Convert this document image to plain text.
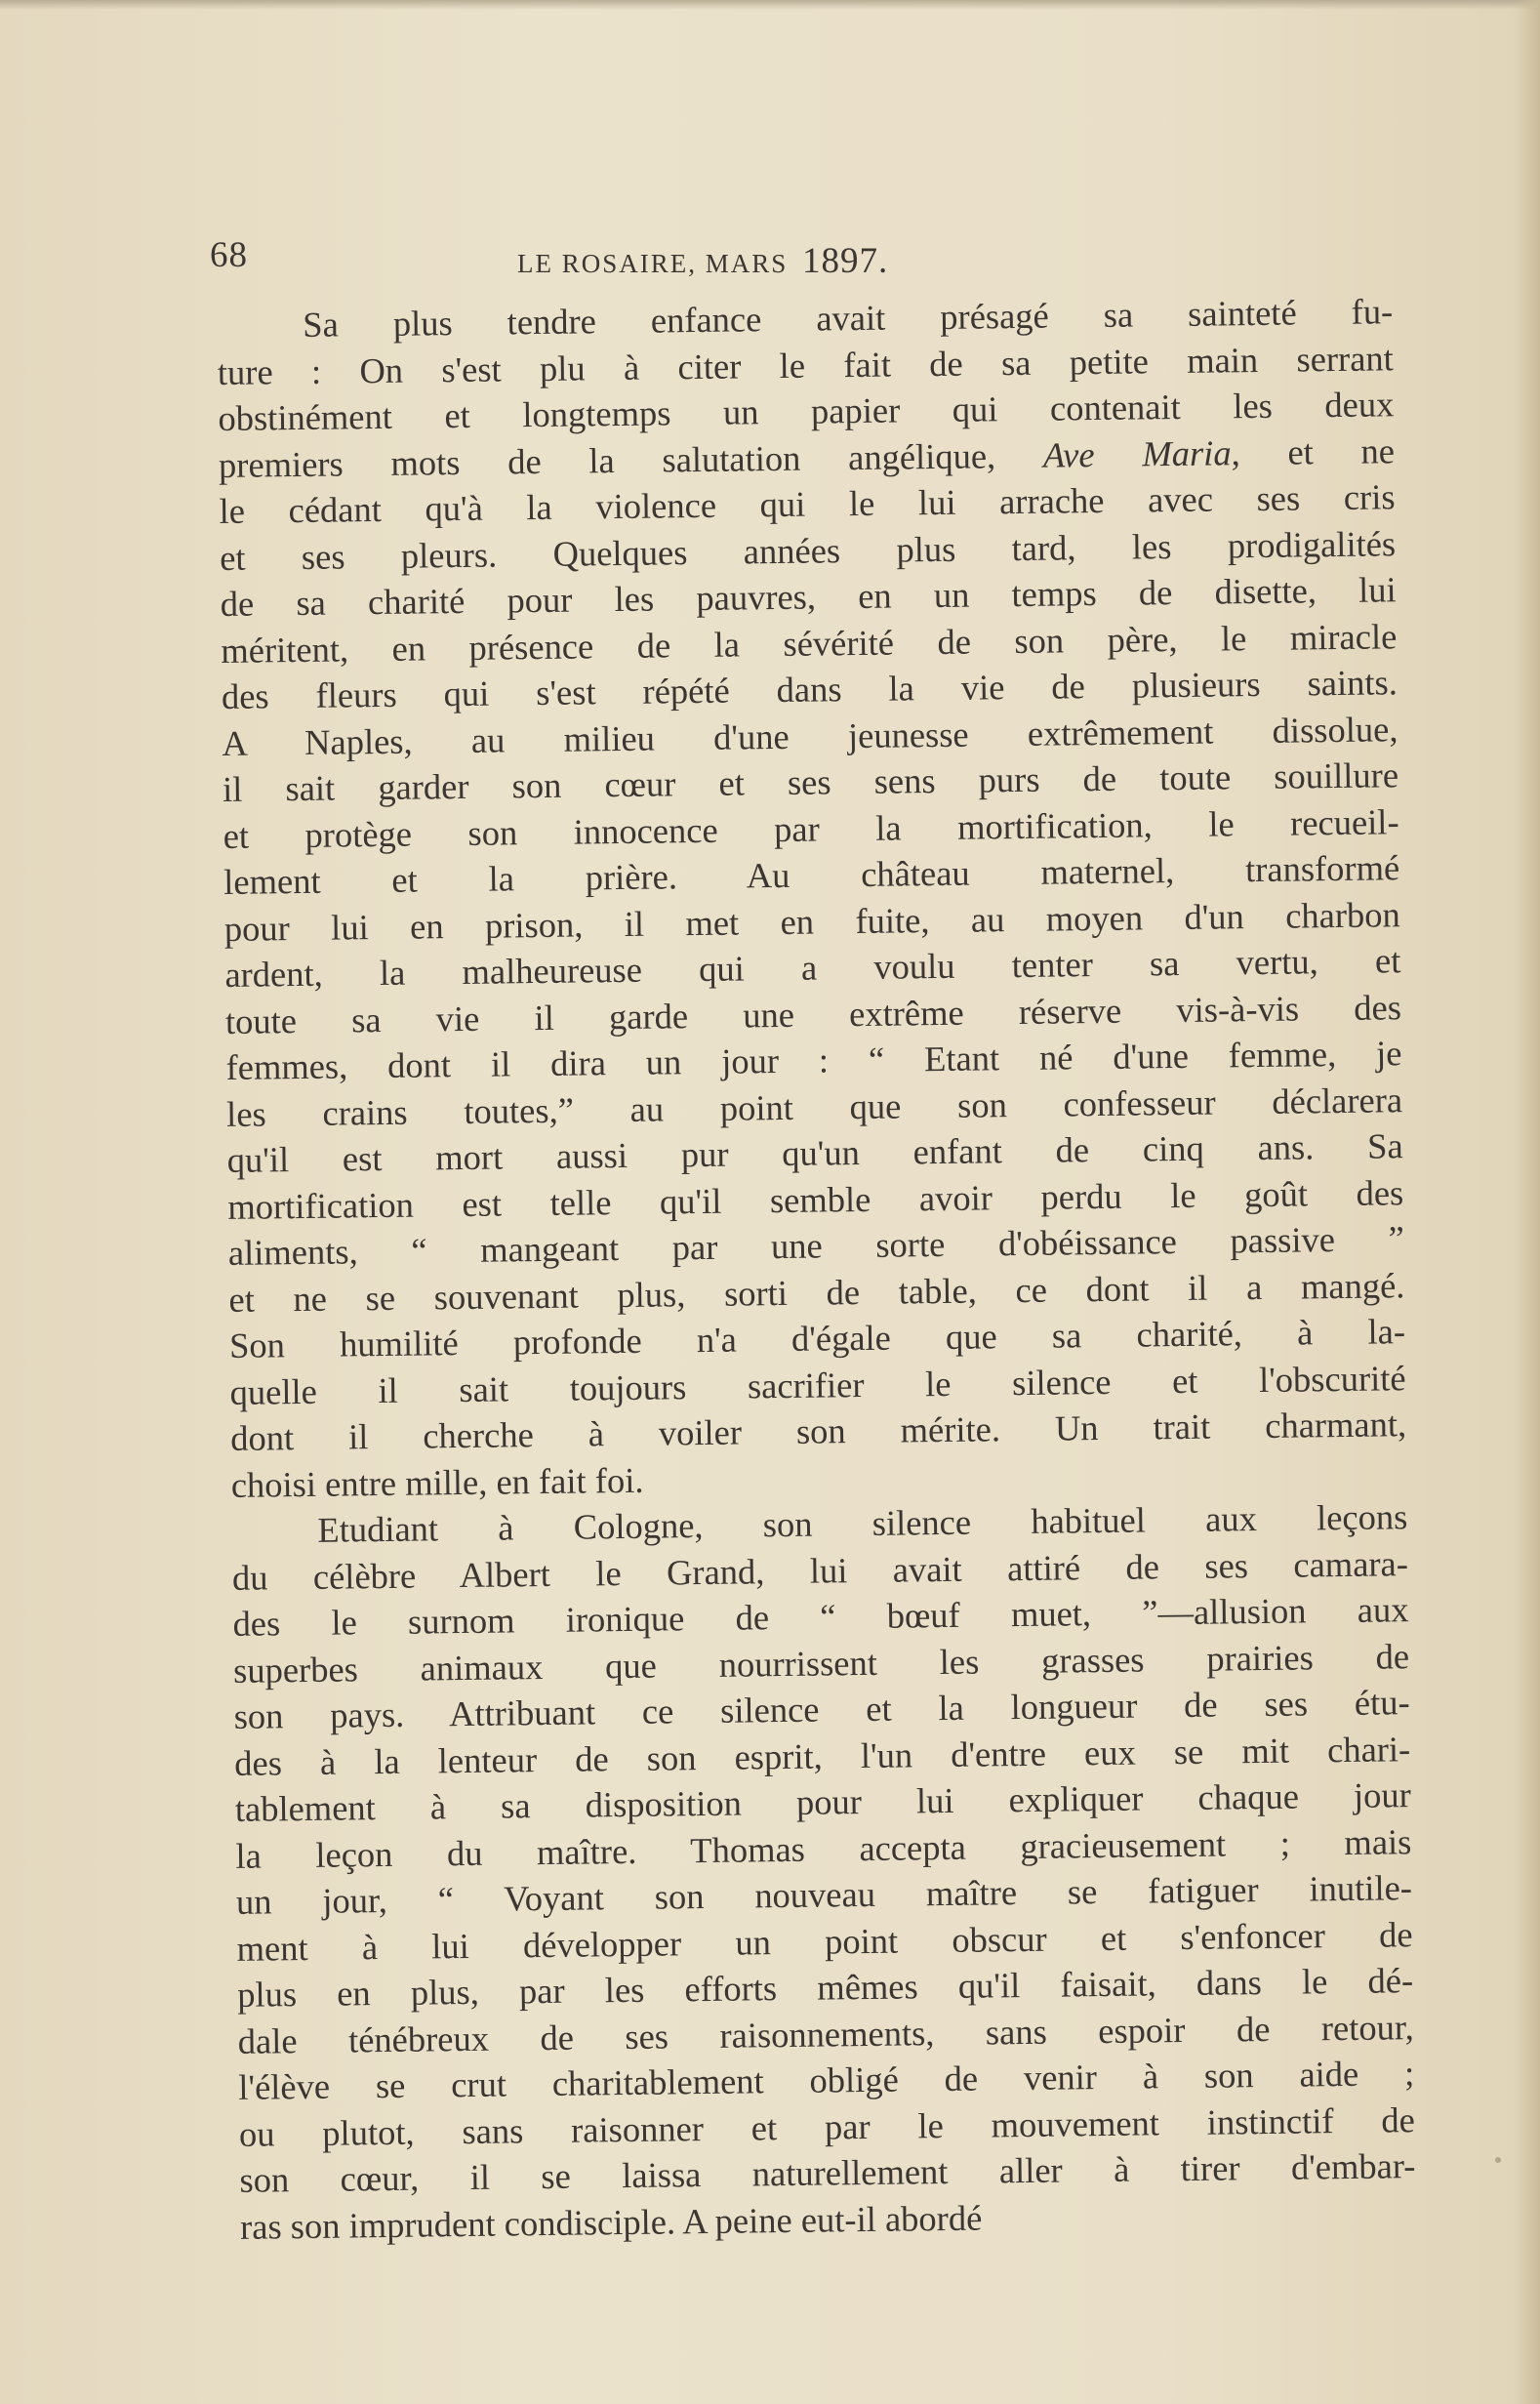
68	LE ROSAIRE, MARS 1897.
Sa plus tendre enfance avait présagé sa sainteté fu-
ture : On s'est plu à citer le fait de sa petite main serrant
obstinément et longtemps un papier qui contenait les deux
premiers mots de la salutation angélique, Ave Maria, et ne
le cédant qu'à la violence qui le lui arrache avec ses cris
et ses pleurs. Quelques années plus tard, les prodigalités
de sa charité pour les pauvres, en un temps de disette, lui
méritent, en présence de la sévérité de son père, le miracle
des fleurs qui s'est répété dans la vie de plusieurs saints.
A Naples, au milieu d'une jeunesse extrêmement dissolue,
il sait garder son cœur et ses sens purs de toute souillure
et protège son innocence par la mortification, le recueil-
lement et la prière. Au château maternel, transformé
pour lui en prison, il met en fuite, au moyen d'un charbon
ardent, la malheureuse qui a voulu tenter sa vertu, et
toute sa vie il garde une extrême réserve vis-à-vis des
femmes, dont il dira un jour : “ Etant né d'une femme, je
les crains toutes,” au point que son confesseur déclarera
qu'il est mort aussi pur qu'un enfant de cinq ans. Sa
mortification est telle qu'il semble avoir perdu le goût des
aliments, “ mangeant par une sorte d'obéissance passive ”
et ne se souvenant plus, sorti de table, ce dont il a mangé.
Son humilité profonde n'a d'égale que sa charité, à la-
quelle il sait toujours sacrifier le silence et l'obscurité
dont il cherche à voiler son mérite. Un trait charmant,
choisi entre mille, en fait foi.
Etudiant à Cologne, son silence habituel aux leçons
du célèbre Albert le Grand, lui avait attiré de ses camara-
des le surnom ironique de “ bœuf muet, ”—allusion aux
superbes animaux que nourrissent les grasses prairies de
son pays. Attribuant ce silence et la longueur de ses étu-
des à la lenteur de son esprit, l'un d'entre eux se mit chari-
tablement à sa disposition pour lui expliquer chaque jour
la leçon du maître. Thomas accepta gracieusement ; mais
un jour, “ Voyant son nouveau maître se fatiguer inutile-
ment à lui développer un point obscur et s'enfoncer de
plus en plus, par les efforts mêmes qu'il faisait, dans le dé-
dale ténébreux de ses raisonnements, sans espoir de retour,
l'élève se crut charitablement obligé de venir à son aide ;
ou plutot, sans raisonner et par le mouvement instinctif de
son cœur, il se laissa naturellement aller à tirer d'embar-
ras son imprudent condisciple. A peine eut-il abordé
